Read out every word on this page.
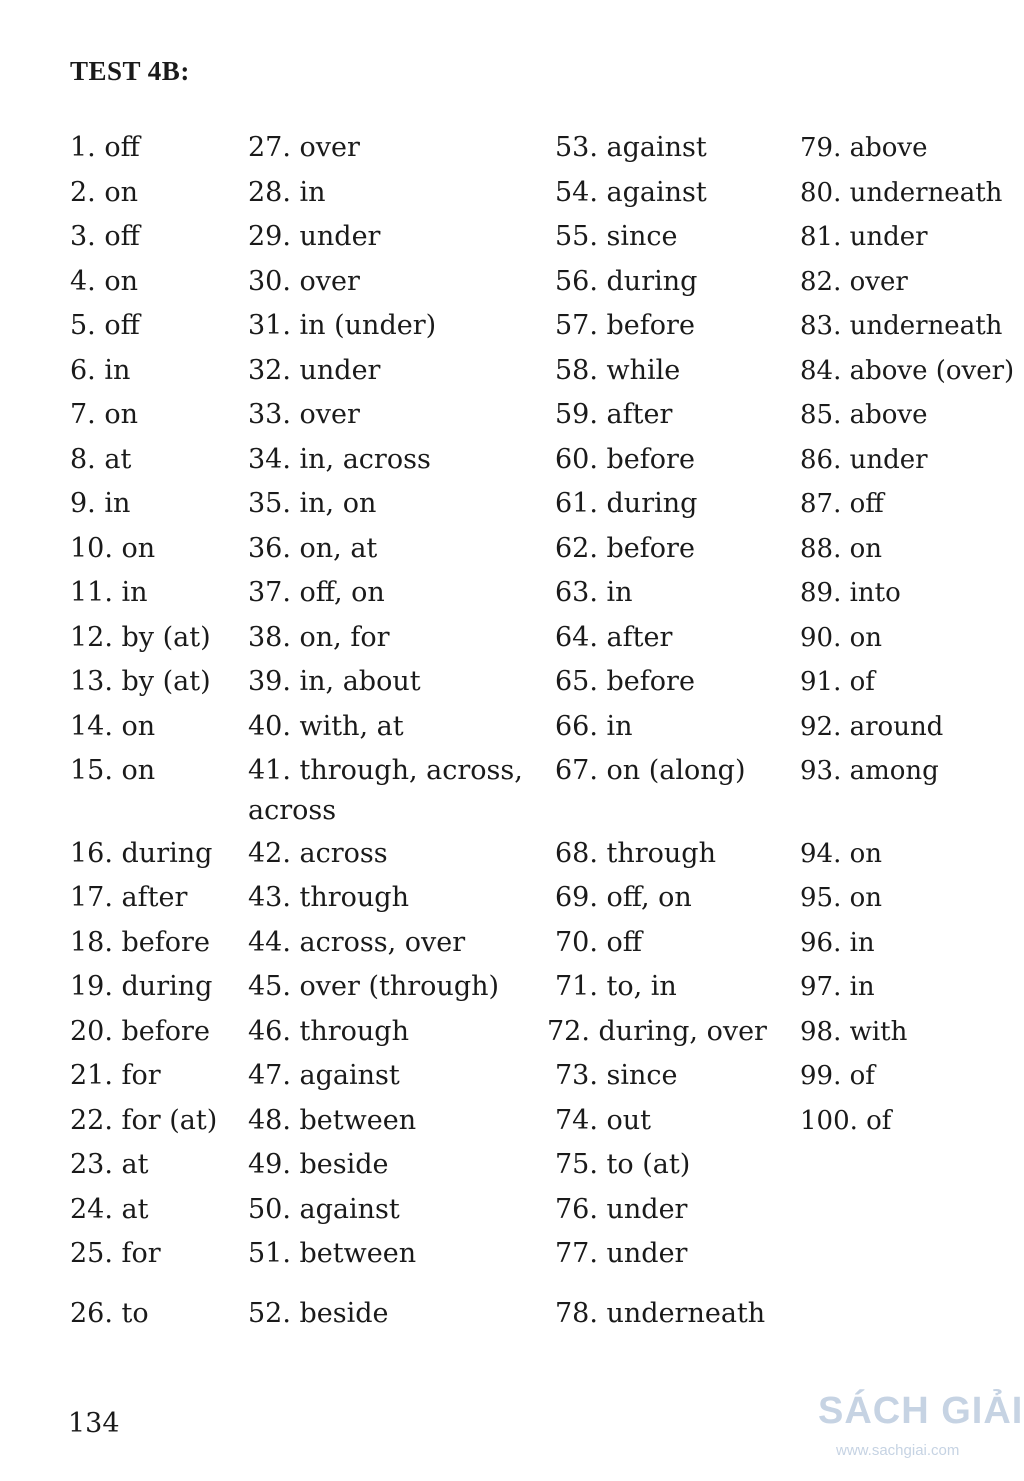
TEST 4B:
1. off
2. on
3. off
4. on
5. off
6. in
7. on
8. at
9. in
10. on
11. in
12. by (at)
13. by (at)
14. on
15. on
16. during
17. after
18. before
19. during
20. before
21. for
22. for (at)
23. at
24. at
25. for
26. to
27. over
28. in
29. under
30. over
31. in (under)
32. under
33. over
34. in, across
35. in, on
36. on, at
37. off, on
38. on, for
39. in, about
40. with, at
41. through, across, across
42. across
43. through
44. across, over
45. over (through)
46. through
47. against
48. between
49. beside
50. against
51. between
52. beside
53. against
54. against
55. since
56. during
57. before
58. while
59. after
60. before
61. during
62. before
63. in
64. after
65. before
66. in
67. on (along)
68. through
69. off, on
70. off
71. to, in
72. during, over
73. since
74. out
75. to (at)
76. under
77. under
78. underneath
79. above
80. underneath
81. under
82. over
83. underneath
84. above (over)
85. above
86. under
87. off
88. on
89. into
90. on
91. of
92. around
93. among
94. on
95. on
96. in
97. in
98. with
99. of
100. of
134	SÁCH GIẢI
www.sachgiai.com
